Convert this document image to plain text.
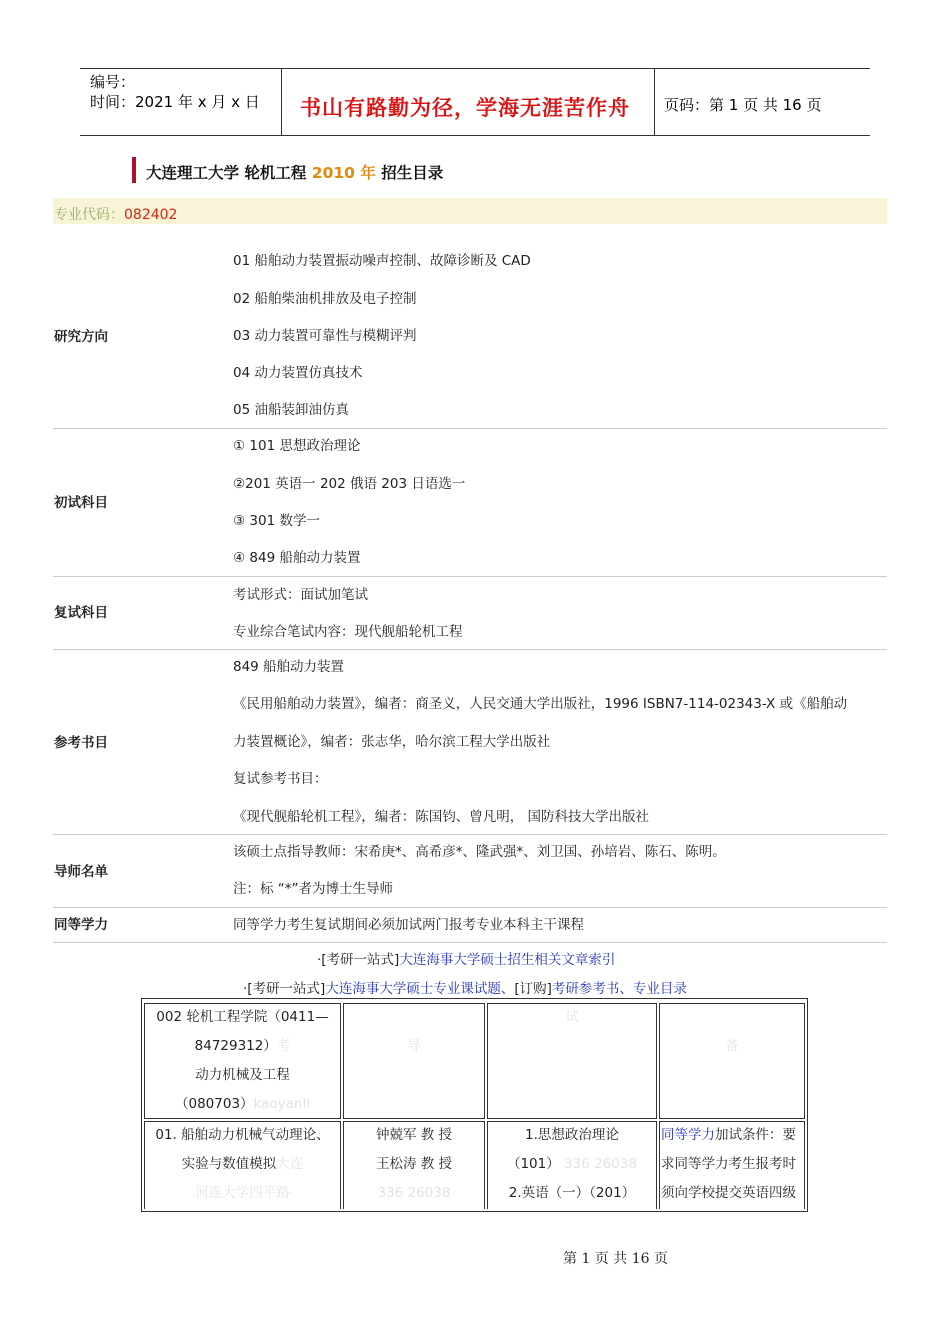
编号：
时间：2021 年 x 月 x 日 书山有路勤为径，学海无涯苦作舟 页码：第 1 页 共 16 页
大连理工大学 轮机工程 2010 年 招生目录
专业代码：082402
研究方向
01 船舶动力装置振动噪声控制、故障诊断及 CAD
02 船舶柴油机排放及电子控制
03 动力装置可靠性与模糊评判
04 动力装置仿真技术
05 油船装卸油仿真
初试科目
① 101 思想政治理论
②201 英语一 202 俄语 203 日语选一
③ 301 数学一
④ 849 船舶动力装置
复试科目
考试形式：面试加笔试
专业综合笔试内容：现代舰船轮机工程
参考书目
849 船舶动力装置
《民用船舶动力装置》，编者：商圣义，人民交通大学出版社，1996 ISBN7-114-02343-X 或《船舶动
力装置概论》，编者：张志华，哈尔滨工程大学出版社
复试参考书目：
《现代舰船轮机工程》，编者：陈国钧、曾凡明， 国防科技大学出版社
导师名单
该硕士点指导教师：宋希庚*、高希彦*、隆武强*、刘卫国、孙培岩、陈石、陈明。
注：标 “*”者为博士生导师
同等学力	同等学力考生复试期间必须加试两门报考专业本科主干课程
·[考研一站式]大连海事大学硕士招生相关文章索引
·[考研一站式]大连海事大学硕士专业课试题、[订购]考研参考书、专业目录
002 轮机工程学院（0411—
84729312）考
动力机械及工程
（080703）kaoyanli
导
试
备
01. 船舶动力机械气动理论、
实验与数值模拟大连
河连大学四平路
钟兢军 教 授
王松涛 教 授
336 26038
1.思想政治理论
（101） 336 26038
2.英语（一）（201）
同等学力加试条件：要
求同等学力考生报考时
须向学校提交英语四级
第 1 页 共 16 页
